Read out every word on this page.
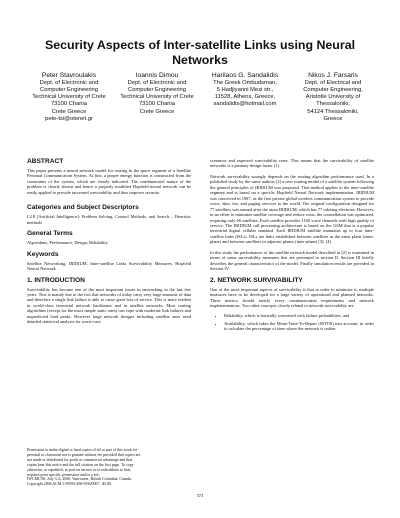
Security Aspects of Inter-satellite Links using Neural Networks
Peter Stavroulakis
Dept. of Electronic and
Computer Engineering
Technical University of Crete
73100 Chania
Crete Greece
pete-tsi@otenet.gr
Ioannis Dimou
Dept. of Electronic and
Computer Engineering
Technical University of Crete
73100 Chania
Crete Greece
Harilaos G. Sandalidis
The Greek Ombudsman,
5 Hadjiyanni Mexi str.,
11528, Athens, Greece,
sandalidis@hotmail.com
Nikos J. Farsaris
Dept. of Electrical and
Computer Engineering,
Aristotle University of
Thessaloniki,
54124 Thessaloniki,
Greece
ABSTRACT

This paper presents a neural network model for routing in the space segment of a Satellite Personal Communication System. At first, a proper energy function is constructed from the constraints of the system, which are clearly indicated. The combinatorial nature of the problem is clearly shown and hence a properly modified Hopfield neural network can be easily applied to provide increased survivability and thus improve security.

Categories and Subject Descriptors

I.2.8 [Artificial Intelligence]: Problem Solving, Control Methods, and Search – Heuristic methods

General Terms

Algorithms, Performance, Design, Reliability

Keywords

Satellite Networking, IRIDIUM, Inter-satellite Links Survivability Measures, Hopfield Neural Network

1. INTRODUCTION

Survivability has become one of the most important issues in networking in the last few years. This is mainly due to the fact that networks of today carry very large amounts of data and therefore a single link failure is able to cause great loss of service. This is more evident in world-class terrestrial network backbones and in satellite networks. Most routing algorithms (except for the most simple static ones) can cope with moderate link failures and unpredicted load peaks. However large network designs including satellite ones need detailed statistical analysis for worst-case

Permission to make digital or hard copies of all or part of this work for
personal or classroom use is granted without fee provided that copies are
not made or distributed for profit or commercial advantage and that
copies bear this notice and the full citation on the first page. To copy
otherwise, or republish, to post on servers or to redistribute to lists,
requires prior specific permission and/or a fee.
IWCMC'06, July 3–6, 2006, Vancouver, British Columbia, Canada.
Copyright 2006 ACM 1-59593-306-9/06/0007...$5.00.

scenarios and expected survivability rates. This means that the survivability of satellite networks is a primary design factor [1].

Network survivability strongly depends on the routing algorithm performance used. In a published study by the same authors [2] a new routing model of a satellite system following the general principles of IRIDIUM was proposed. That method applies to the inter-satellite segment and is based on a specific Hopfield Neural Network implementation. IRIDIUM was conceived in 1987, as the first private global wireless communication system to provide voice, data, fax, and paging services to the world. The original configuration designed for 77 satellites was named after the atom IRIDIUM, which has 77 orbiting electrons. However, in an effort to minimize satellite coverage and reduce costs, the constellation was optimized, requiring only 66 satellites. Each satellite provides 1100 voice channels with high quality of service. The IRIDIUM call processing architecture is based on the GSM that is a popular terrestrial digital cellular standard. Each IRIDIUM satellite maintains up to four inter-satellite links (ISLs). ISLs are links established between satellites in the same plane (intra-plane) and between satellites in adjacent planes (inter-plane) [3], [4].

In this study the performance of the satellite network model described in [2] is examined in terms of some survivability measures that are presented in section II. Section III briefly describes the general characteristics of the model. Finally simulation results are provided in Section IV.

2. NETWORK SURVIVABILITY

One of the most important aspects of survivability is that in order to minimize it, multiple measures have to be developed for a large variety of operational and planned networks. These metrics should satisfy every communication requirements and network implementations. Two other concepts closely related to network survivability are

• Reliability, which is basically concerned with failure probabilities, and
• Availability, which takes the Mean-Time-To-Repair (MTTR) into account, in order to calculate the percentage of time where the network is online.
373
